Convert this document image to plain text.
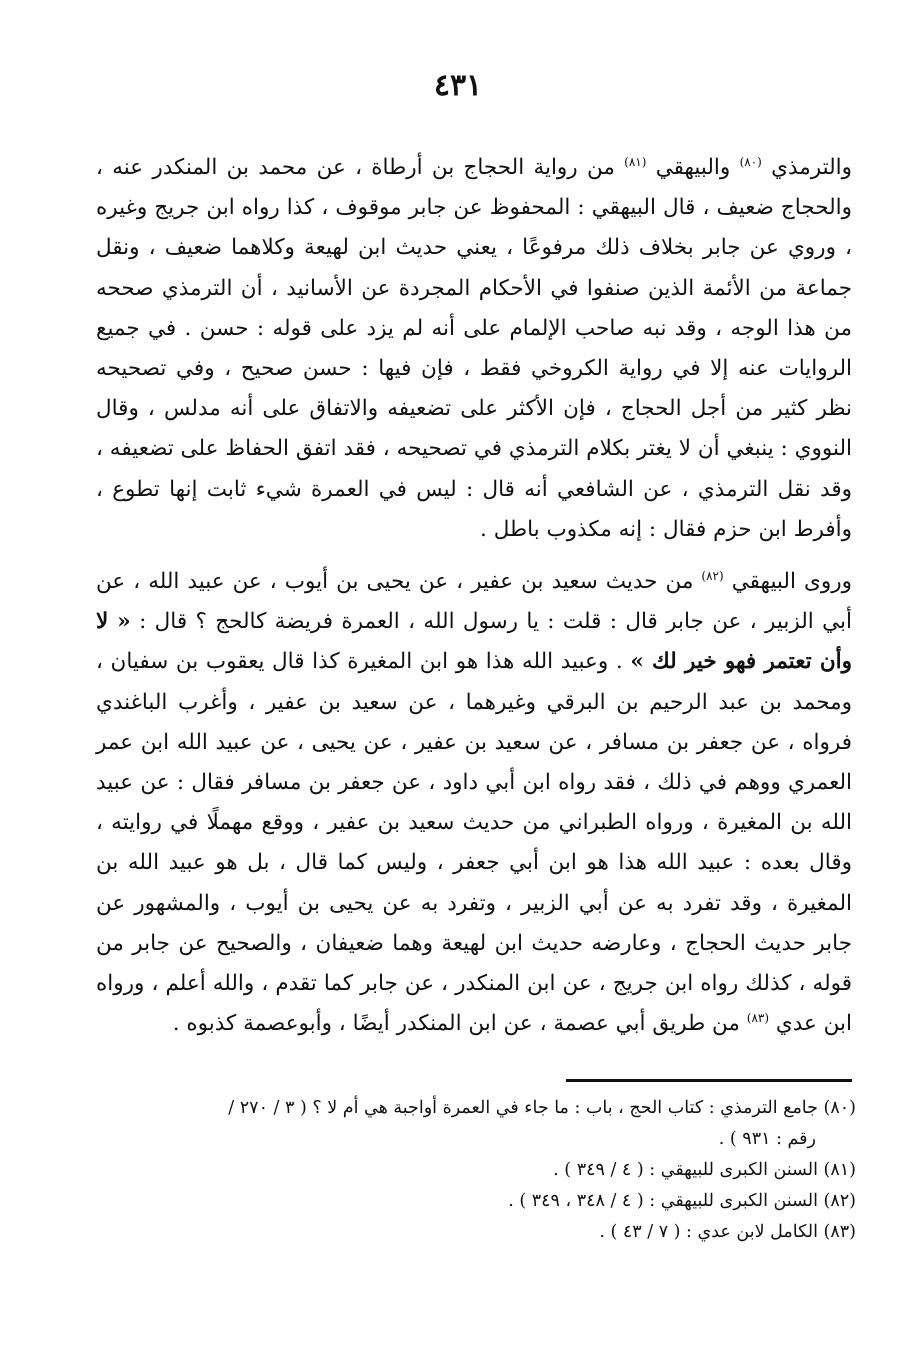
٤٣١

والترمذي $^{(٨٠)}$ والبيهقي $^{(٨١)}$ من رواية الحجاج بن أرطاة ، عن محمد بن المنكدر عنه ، والحجاج ضعيف ، قال البيهقي : المحفوظ عن جابر موقوف ، كذا رواه ابن جريج وغيره ، وروي عن جابر بخلاف ذلك مرفوعًا ، يعني حديث ابن لهيعة وكلاهما ضعيف ، ونقل جماعة من الأئمة الذين صنفوا في الأحكام المجردة عن الأسانيد ، أن الترمذي صححه من هذا الوجه ، وقد نبه صاحب الإلمام على أنه لم يزد على قوله : حسن . في جميع الروايات عنه إلا في رواية الكروخي فقط ، فإن فيها : حسن صحيح ، وفي تصحيحه نظر كثير من أجل الحجاج ، فإن الأكثر على تضعيفه والاتفاق على أنه مدلس ، وقال النووي : ينبغي أن لا يغتر بكلام الترمذي في تصحيحه ، فقد اتفق الحفاظ على تضعيفه ، وقد نقل الترمذي ، عن الشافعي أنه قال : ليس في العمرة شيء ثابت إنها تطوع ، وأفرط ابن حزم فقال : إنه مكذوب باطل .

وروى البيهقي $^{(٨٢)}$ من حديث سعيد بن عفير ، عن يحيى بن أيوب ، عن عبيد الله ، عن أبي الزبير ، عن جابر قال : قلت : يا رسول الله ، العمرة فريضة كالحج ؟ قال : « لا وأن تعتمر فهو خير لك » . وعبيد الله هذا هو ابن المغيرة كذا قال يعقوب بن سفيان ، ومحمد بن عبد الرحيم بن البرقي وغيرهما ، عن سعيد بن عفير ، وأغرب الباغندي فرواه ، عن جعفر بن مسافر ، عن سعيد بن عفير ، عن يحيى ، عن عبيد الله ابن عمر العمري ووهم في ذلك ، فقد رواه ابن أبي داود ، عن جعفر بن مسافر فقال : عن عبيد الله بن المغيرة ، ورواه الطبراني من حديث سعيد بن عفير ، ووقع مهملًا في روايته ، وقال بعده : عبيد الله هذا هو ابن أبي جعفر ، وليس كما قال ، بل هو عبيد الله بن المغيرة ، وقد تفرد به عن أبي الزبير ، وتفرد به عن يحيى بن أيوب ، والمشهور عن جابر حديث الحجاج ، وعارضه حديث ابن لهيعة وهما ضعيفان ، والصحيح عن جابر من قوله ، كذلك رواه ابن جريج ، عن ابن المنكدر ، عن جابر كما تقدم ، والله أعلم ، ورواه ابن عدي $^{(٨٣)}$ من طريق أبي عصمة ، عن ابن المنكدر أيضًا ، وأبوعصمة كذبوه .

(٨٠) جامع الترمذي : كتاب الحج ، باب : ما جاء في العمرة أواجبة هي أم لا ؟ ( ٣ / ٢٧٠ /

رقم : ٩٣١ ) .

(٨١) السنن الكبرى للبيهقي : ( ٤ / ٣٤٩ ) .

(٨٢) السنن الكبرى للبيهقي : ( ٤ / ٣٤٨ ، ٣٤٩ ) .

(٨٣) الكامل لابن عدي : ( ٧ / ٤٣ ) .
